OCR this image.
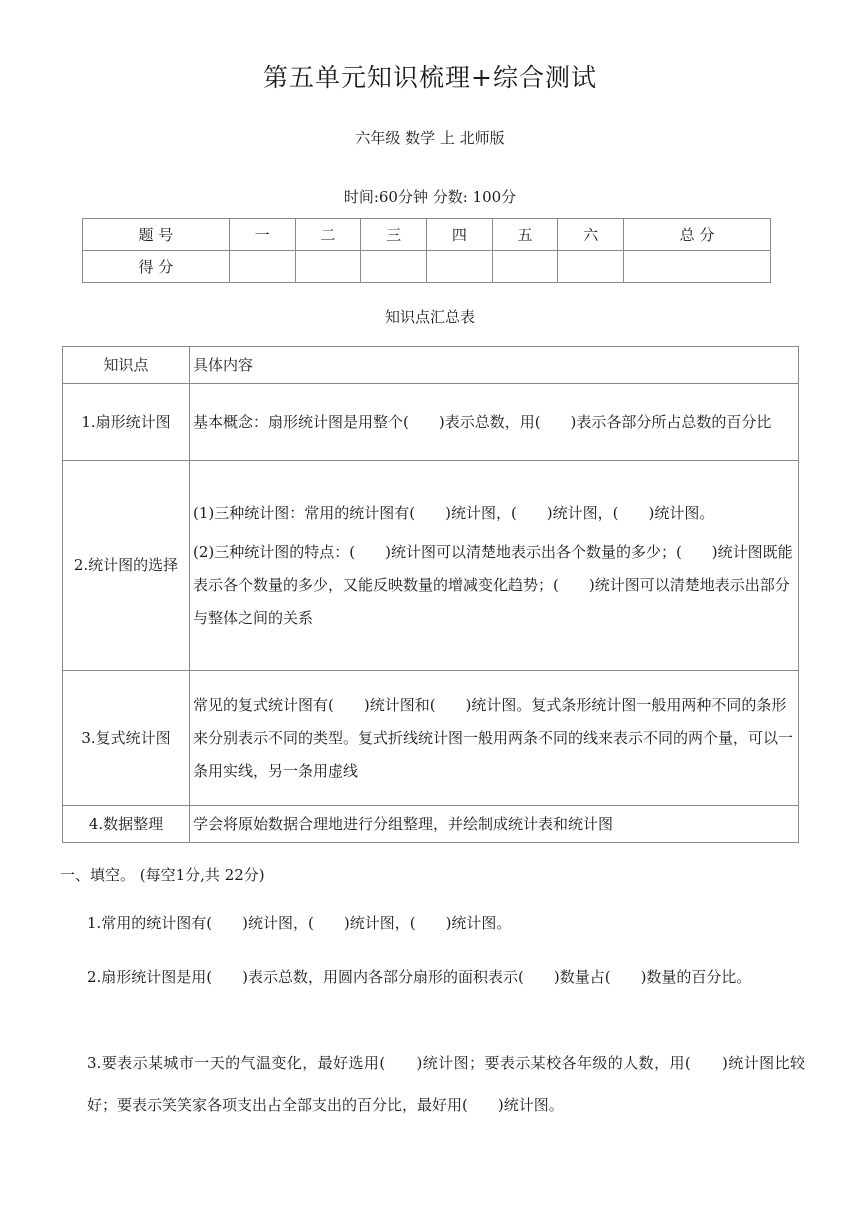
第五单元知识梳理+综合测试
六年级 数学 上 北师版
时间:60分钟 分数: 100分
题 号	一	二	三	四	五	六	总 分
得 分							
知识点汇总表
知识点	具体内容
1.扇形统计图	基本概念：扇形统计图是用整个(　　)表示总数，用(　　)表示各部分所占总数的百分比

2.统计图的选择	(1)三种统计图：常用的统计图有(　　)统计图，(　　)统计图，(　　)统计图。

(2)三种统计图的特点：(　　)统计图可以清楚地表示出各个数量的多少；(　　)统计图既能表示各个数量的多少，又能反映数量的增减变化趋势；(　　)统计图可以清楚地表示出部分与整体之间的关系

3.复式统计图	常见的复式统计图有(　　)统计图和(　　)统计图。复式条形统计图一般用两种不同的条形来分别表示不同的类型。复式折线统计图一般用两条不同的线来表示不同的两个量，可以一条用实线，另一条用虚线

4.数据整理	学会将原始数据合理地进行分组整理，并绘制成统计表和统计图

一、填空。 (每空1分,共 22分)
1.常用的统计图有(　　)统计图，(　　)统计图，(　　)统计图。
2.扇形统计图是用(　　)表示总数，用圆内各部分扇形的面积表示(　　)数量占(　　)数量的百分比。
3.要表示某城市一天的气温变化，最好选用(　　)统计图；要表示某校各年级的人数，用(　　)统计图比较好；要表示笑笑家各项支出占全部支出的百分比，最好用(　　)统计图。
